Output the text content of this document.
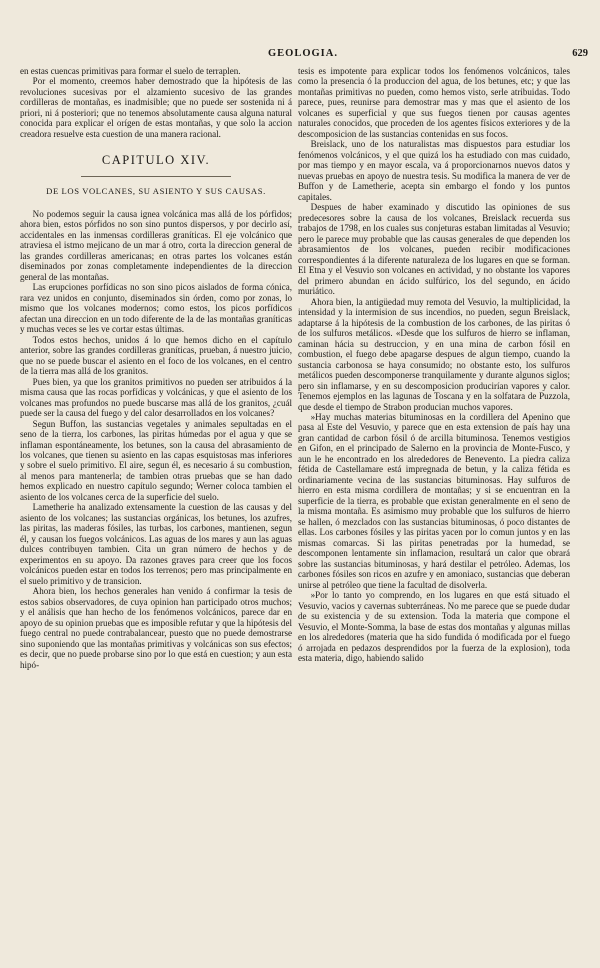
GEOLOGIA.	629

en estas cuencas primitivas para formar el suelo de terraplen.

Por el momento, creemos haber demostrado que la hipótesis de las revoluciones sucesivas por el alzamiento sucesivo de las grandes cordilleras de montañas, es inadmisible; que no puede ser sostenida ni á priori, ni á posteriori; que no tenemos absolutamente causa alguna natural conocida para explicar el orígen de estas montañas, y que solo la accion creadora resuelve esta cuestion de una manera racional.

CAPITULO XIV.
DE LOS VOLCANES, SU ASIENTO Y SUS CAUSAS.

No podemos seguir la causa ignea volcánica mas allá de los pórfidos; ahora bien, estos pórfidos no son sino puntos dispersos, y por decirlo así, accidentales en las inmensas cordilleras graníticas. El eje volcánico que atraviesa el istmo mejicano de un mar á otro, corta la direccion general de las grandes cordilleras americanas; en otras partes los volcanes están diseminados por zonas completamente independientes de la direccion general de las montañas.

Las erupciones porfídicas no son sino picos aislados de forma cónica, rara vez unidos en conjunto, diseminados sin órden, como por zonas, lo mismo que los volcanes modernos; como estos, los picos porfídicos afectan una direccion en un todo diferente de la de las montañas graníticas y muchas veces se les ve cortar estas últimas.

Todos estos hechos, unidos á lo que hemos dicho en el capítulo anterior, sobre las grandes cordilleras graníticas, prueban, á nuestro juicio, que no se puede buscar el asiento en el foco de los volcanes, en el centro de la tierra mas allá de los granitos.

Pues bien, ya que los granitos primitivos no pueden ser atribuidos á la misma causa que las rocas porfídicas y volcánicas, y que el asiento de los volcanes mas profundos no puede buscarse mas allá de los granitos, ¿cuál puede ser la causa del fuego y del calor desarrollados en los volcanes?

Segun Buffon, las sustancias vegetales y animales sepultadas en el seno de la tierra, los carbones, las piritas húmedas por el agua y que se inflaman espontáneamente, los betunes, son la causa del abrasamiento de los volcanes, que tienen su asiento en las capas esquistosas mas inferiores y sobre el suelo primitivo. El aire, segun él, es necesario á su combustion, al menos para mantenerla; de tambien otras pruebas que se han dado hemos explicado en nuestro capítulo segundo; Werner coloca tambien el asiento de los volcanes cerca de la superficie del suelo.

Lametherie ha analizado extensamente la cuestion de las causas y del asiento de los volcanes; las sustancias orgánicas, los betunes, los azufres, las piritas, las maderas fósiles, las turbas, los carbones, mantienen, segun él, y causan los fuegos volcánicos. Las aguas de los mares y aun las aguas dulces contribuyen tambien. Cita un gran número de hechos y de experimentos en su apoyo. Da razones graves para creer que los focos volcánicos pueden estar en todos los terrenos; pero mas principalmente en el suelo primitivo y de transicion.

Ahora bien, los hechos generales han venido á confirmar la tesis de estos sabios observadores, de cuya opinion han participado otros muchos; y el análisis que han hecho de los fenómenos volcánicos, parece dar en apoyo de su opinion pruebas que es imposible refutar y que la hipótesis del fuego central no puede contrabalancear, puesto que no puede demostrarse sino suponiendo que las montañas primitivas y volcánicas son sus efectos; es decir, que no puede probarse sino por lo que está en cuestion; y aun esta hipó-

tesis es impotente para explicar todos los fenómenos volcánicos, tales como la presencia ó la produccion del agua, de los betunes, etc; y que las montañas primitivas no pueden, como hemos visto, serle atribuidas. Todo parece, pues, reunirse para demostrar mas y mas que el asiento de los volcanes es superficial y que sus fuegos tienen por causas agentes naturales conocidos, que proceden de los agentes físicos exteriores y de la descomposicion de las sustancias contenidas en sus focos.

Breislack, uno de los naturalistas mas dispuestos para estudiar los fenómenos volcánicos, y el que quizá los ha estudiado con mas cuidado, por mas tiempo y en mayor escala, va á proporcionarnos nuevos datos y nuevas pruebas en apoyo de nuestra tesis. Su modifica la manera de ver de Buffon y de Lametherie, acepta sin embargo el fondo y los puntos capitales.

Despues de haber examinado y discutido las opiniones de sus predecesores sobre la causa de los volcanes, Breislack recuerda sus trabajos de 1798, en los cuales sus conjeturas estaban limitadas al Vesuvio; pero le parece muy probable que las causas generales de que dependen los abrasamientos de los volcanes, pueden recibir modificaciones correspondientes á la diferente naturaleza de los lugares en que se forman. El Etna y el Vesuvio son volcanes en actividad, y no obstante los vapores del primero abundan en ácido sulfúrico, los del segundo, en ácido muriático.

Ahora bien, la antigüedad muy remota del Vesuvio, la multiplicidad, la intensidad y la intermision de sus incendios, no pueden, segun Breislack, adaptarse á la hipótesis de la combustion de los carbones, de las piritas ó de los sulfuros metálicos. «Desde que los sulfuros de hierro se inflaman, caminan hácia su destruccion, y en una mina de carbon fósil en combustion, el fuego debe apagarse despues de algun tiempo, cuando la sustancia carbonosa se haya consumido; no obstante esto, los sulfuros metálicos pueden descomponerse tranquilamente y durante algunos siglos; pero sin inflamarse, y en su descomposicion producirían vapores y calor. Tenemos ejemplos en las lagunas de Toscana y en la solfatara de Puzzola, que desde el tiempo de Strabon producian muchos vapores.

»Hay muchas materias bituminosas en la cordillera del Apenino que pasa al Este del Vesuvio, y parece que en esta extension de país hay una gran cantidad de carbon fósil ó de arcilla bituminosa. Tenemos vestigios en Gifon, en el principado de Salerno en la provincia de Monte-Fusco, y aun le he encontrado en los alrededores de Benevento. La piedra caliza fétida de Castellamare está impregnada de betun, y la caliza fétida es ordinariamente vecina de las sustancias bituminosas. Hay sulfuros de hierro en esta misma cordillera de montañas; y si se encuentran en la superficie de la tierra, es probable que existan generalmente en el seno de la misma montaña. Es asimismo muy probable que los sulfuros de hierro se hallen, ó mezclados con las sustancias bituminosas, ó poco distantes de ellas. Los carbones fósiles y las piritas yacen por lo comun juntos y en las mismas comarcas. Si las piritas penetradas por la humedad, se descomponen lentamente sin inflamacion, resultará un calor que obrará sobre las sustancias bituminosas, y hará destilar el petróleo. Ademas, los carbones fósiles son ricos en azufre y en amoniaco, sustancias que deberan unirse al petróleo que tiene la facultad de disolverla.

»Por lo tanto yo comprendo, en los lugares en que está situado el Vesuvio, vacios y cavernas subterráneas. No me parece que se puede dudar de su existencia y de su extension. Toda la materia que compone el Vesuvio, el Monte-Somma, la base de estas dos montañas y algunas millas en los alrededores (materia que ha sido fundida ó modificada por el fuego ó arrojada en pedazos desprendidos por la fuerza de la explosion), toda esta materia, digo, habiendo salido
